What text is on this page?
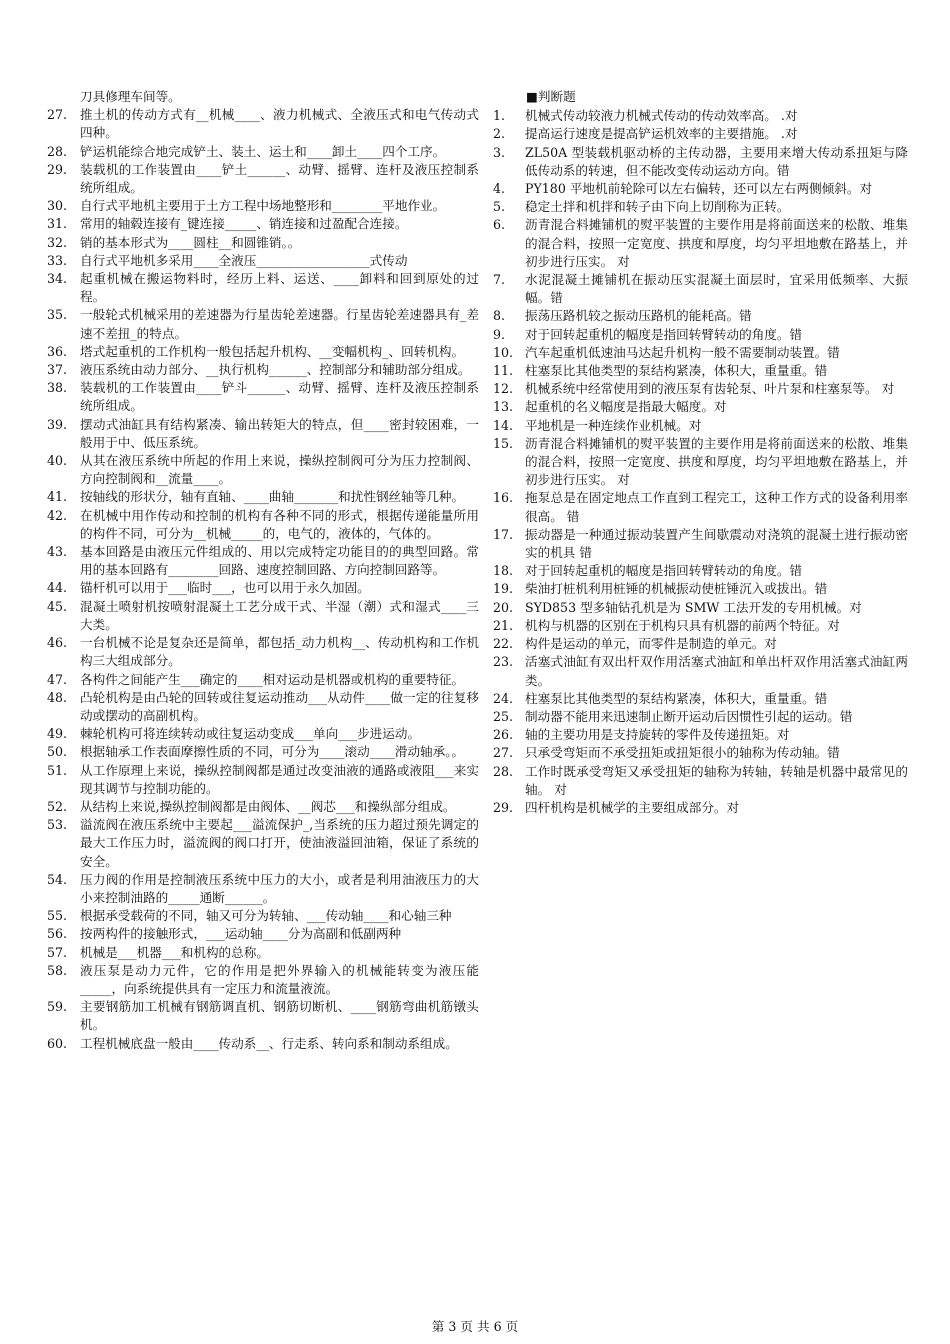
刀具修理车间等。
27.	推土机的传动方式有__机械____、液力机械式、全液压式和电气传动式四种。
28.	铲运机能综合地完成铲土、装土、运土和____卸土____四个工序。
29.	装载机的工作装置由____铲土______、动臂、摇臂、连杆及液压控制系统所组成。
30.	自行式平地机主要用于土方工程中场地整形和________平地作业。
31.	常用的轴毂连接有_键连接_____、销连接和过盈配合连接。
32.	销的基本形式为____圆柱__和圆锥销。。
33.	自行式平地机多采用____全液压__________________式传动
34.	起重机械在搬运物料时，经历上料、运送、____卸料和回到原处的过程。
35.	一般轮式机械采用的差速器为行星齿轮差速器。行星齿轮差速器具有_差速不差扭_的特点。
36.	塔式起重机的工作机构一般包括起升机构、__变幅机构_、回转机构。
37.	液压系统由动力部分、__执行机构______、控制部分和辅助部分组成。
38.	装载机的工作装置由____铲斗______、动臂、摇臂、连杆及液压控制系统所组成。
39.	摆动式油缸具有结构紧凑、输出转矩大的特点，但____密封较困难，一般用于中、低压系统。
40.	从其在液压系统中所起的作用上来说，操纵控制阀可分为压力控制阀、方向控制阀和__流量____。
41.	按轴线的形状分，轴有直轴、____曲轴_______和扰性钢丝轴等几种。
42.	在机械中用作传动和控制的机构有各种不同的形式，根据传递能量所用的构件不同，可分为__机械_____的，电气的，液体的，气体的。
43.	基本回路是由液压元件组成的、用以完成特定功能目的的典型回路。常用的基本回路有________回路、速度控制回路、方向控制回路等。
44.	锚杆机可以用于___临时___，也可以用于永久加固。
45.	混凝土喷射机按喷射混凝土工艺分成干式、半湿（潮）式和湿式____三大类。
46.	一台机械不论是复杂还是简单，都包括_动力机构__、传动机构和工作机构三大组成部分。
47.	各构件之间能产生___确定的____相对运动是机器或机构的重要特征。
48.	凸轮机构是由凸轮的回转或往复运动推动___从动件____做一定的往复移动或摆动的高副机构。
49.	棘轮机构可将连续转动或往复运动变成___单向___步进运动。
50.	根据轴承工作表面摩擦性质的不同，可分为____滚动____滑动轴承。。
51.	从工作原理上来说，操纵控制阀都是通过改变油液的通路或液阻___来实现其调节与控制功能的。
52.	从结构上来说,操纵控制阀都是由阀体、__阀芯___和操纵部分组成。
53.	溢流阀在液压系统中主要起___溢流保护_,当系统的压力超过预先调定的最大工作压力时，溢流阀的阀口打开，使油液溢回油箱，保证了系统的安全。
54.	压力阀的作用是控制液压系统中压力的大小，或者是利用油液压力的大小来控制油路的_____通断______。
55.	根据承受载荷的不同，轴又可分为转轴、___传动轴____和心轴三种
56.	按两构件的接触形式，___运动轴____分为高副和低副两种
57.	机械是___机器___和机构的总称。
58.	液压泵是动力元件，它的作用是把外界输入的机械能转变为液压能_____，向系统提供具有一定压力和流量液流。
59.	主要钢筋加工机械有钢筋调直机、钢筋切断机、____钢筋弯曲机筋镦头机。
60.	工程机械底盘一般由____传动系__、行走系、转向系和制动系组成。
■判断题
1.	机械式传动较液力机械式传动的传动效率高。 .对
2.	提高运行速度是提高铲运机效率的主要措施。 .对
3.	ZL50A 型装载机驱动桥的主传动器，主要用来增大传动系扭矩与降低传动系的转速，但不能改变传动运动方向。错
4.	PY180 平地机前轮除可以左右偏转，还可以左右两侧倾斜。对
5.	稳定土拌和机拌和转子由下向上切削称为正转。
6.	沥青混合料摊铺机的熨平装置的主要作用是将前面送来的松散、堆集的混合料，按照一定宽度、拱度和厚度，均匀平坦地敷在路基上，并初步进行压实。 对
7.	水泥混凝土摊铺机在振动压实混凝土面层时，宜采用低频率、大振幅。错
8.	振荡压路机较之振动压路机的能耗高。错
9.	对于回转起重机的幅度是指回转臂转动的角度。错
10. 汽车起重机低速油马达起升机构一般不需要制动装置。错
11. 柱塞泵比其他类型的泵结构紧凑，体积大，重量重。错
12. 机械系统中经常使用到的液压泵有齿轮泵、叶片泵和柱塞泵等。 对
13. 起重机的名义幅度是指最大幅度。对
14. 平地机是一种连续作业机械。对
15. 沥青混合料摊铺机的熨平装置的主要作用是将前面送来的松散、堆集的混合料，按照一定宽度、拱度和厚度，均匀平坦地敷在路基上，并初步进行压实。 对
16. 拖泵总是在固定地点工作直到工程完工，这种工作方式的设备利用率很高。 错
17. 振动器是一种通过振动装置产生间歇震动对浇筑的混凝土进行振动密实的机具 错
18. 对于回转起重机的幅度是指回转臂转动的角度。错
19. 柴油打桩机利用桩锤的机械振动使桩锤沉入或拔出。错
20. SYD853 型多轴钻孔机是为 SMW 工法开发的专用机械。对
21. 机构与机器的区别在于机构只具有机器的前两个特征。对
22. 构件是运动的单元，而零件是制造的单元。对
23. 活塞式油缸有双出杆双作用活塞式油缸和单出杆双作用活塞式油缸两类。
24. 柱塞泵比其他类型的泵结构紧凑，体积大，重量重。错
25. 制动器不能用来迅速制止断开运动后因惯性引起的运动。错
26. 轴的主要功用是支持旋转的零件及传递扭矩。对
27. 只承受弯矩而不承受扭矩或扭矩很小的轴称为传动轴。错
28. 工作时既承受弯矩又承受扭矩的轴称为转轴，转轴是机器中最常见的轴。 对
29. 四杆机构是机械学的主要组成部分。对
第 3 页 共 6 页
